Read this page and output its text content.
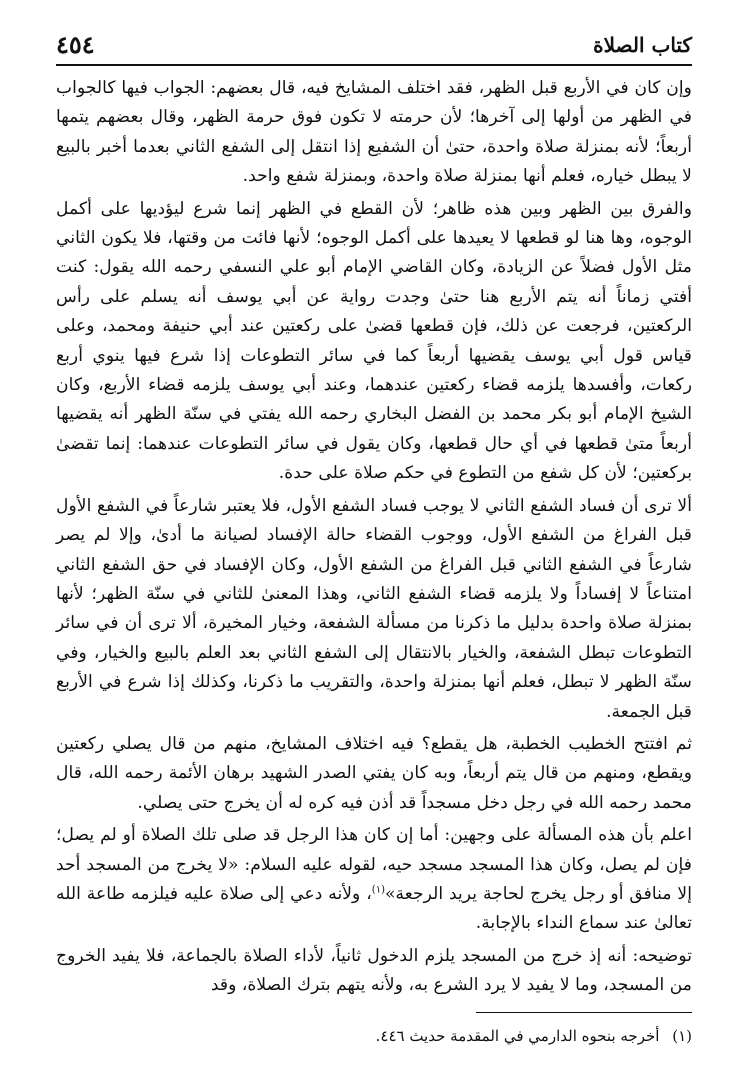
كتاب الصلاة
٤٥٤

وإن كان في الأربع قبل الظهر، فقد اختلف المشايخ فيه، قال بعضهم: الجواب فيها كالجواب في الظهر من أولها إلى آخرها؛ لأن حرمته لا تكون فوق حرمة الظهر، وقال بعضهم يتمها أربعاً؛ لأنه بمنزلة صلاة واحدة، حتىٰ أن الشفيع إذا انتقل إلى الشفع الثاني بعدما أخبر بالبيع لا يبطل خياره، فعلم أنها بمنزلة صلاة واحدة، وبمنزلة شفع واحد.

والفرق بين الظهر وبين هذه ظاهر؛ لأن القطع في الظهر إنما شرع ليؤديها على أكمل الوجوه، وها هنا لو قطعها لا يعيدها على أكمل الوجوه؛ لأنها فائت من وقتها، فلا يكون الثاني مثل الأول فضلاً عن الزيادة، وكان القاضي الإمام أبو علي النسفي رحمه الله يقول: كنت أفتي زماناً أنه يتم الأربع هنا حتىٰ وجدت رواية عن أبي يوسف أنه يسلم على رأس الركعتين، فرجعت عن ذلك، فإن قطعها قضىٰ على ركعتين عند أبي حنيفة ومحمد، وعلى قياس قول أبي يوسف يقضيها أربعاً كما في سائر التطوعات إذا شرع فيها ينوي أربع ركعات، وأفسدها يلزمه قضاء ركعتين عندهما، وعند أبي يوسف يلزمه قضاء الأربع، وكان الشيخ الإمام أبو بكر محمد بن الفضل البخاري رحمه الله يفتي في سنّة الظهر أنه يقضيها أربعاً متىٰ قطعها في أي حال قطعها، وكان يقول في سائر التطوعات عندهما: إنما تقضىٰ بركعتين؛ لأن كل شفع من التطوع في حكم صلاة على حدة.

ألا ترى أن فساد الشفع الثاني لا يوجب فساد الشفع الأول، فلا يعتبر شارعاً في الشفع الأول قبل الفراغ من الشفع الأول، ووجوب القضاء حالة الإفساد لصيانة ما أدىٰ، وإلا لم يصر شارعاً في الشفع الثاني قبل الفراغ من الشفع الأول، وكان الإفساد في حق الشفع الثاني امتناعاً لا إفساداً ولا يلزمه قضاء الشفع الثاني، وهذا المعنىٰ للثاني في سنّة الظهر؛ لأنها بمنزلة صلاة واحدة بدليل ما ذكرنا من مسألة الشفعة، وخيار المخيرة، ألا ترى أن في سائر التطوعات تبطل الشفعة، والخيار بالانتقال إلى الشفع الثاني بعد العلم بالبيع والخيار، وفي سنّة الظهر لا تبطل، فعلم أنها بمنزلة واحدة، والتقريب ما ذكرنا، وكذلك إذا شرع في الأربع قبل الجمعة.

ثم افتتح الخطيب الخطبة، هل يقطع؟ فيه اختلاف المشايخ، منهم من قال يصلي ركعتين ويقطع، ومنهم من قال يتم أربعاً، وبه كان يفتي الصدر الشهيد برهان الأئمة رحمه الله، قال محمد رحمه الله في رجل دخل مسجداً قد أذن فيه كره له أن يخرج حتى يصلي.

اعلم بأن هذه المسألة على وجهين: أما إن كان هذا الرجل قد صلى تلك الصلاة أو لم يصل؛ فإن لم يصل، وكان هذا المسجد مسجد حيه، لقوله عليه السلام: «لا يخرج من المسجد أحد إلا منافق أو رجل يخرج لحاجة يريد الرجعة»$^{(١)}$، ولأنه دعي إلى صلاة عليه فيلزمه طاعة الله تعالىٰ عند سماع النداء بالإجابة.

توضيحه: أنه إذ خرج من المسجد يلزم الدخول ثانياً، لأداء الصلاة بالجماعة، فلا يفيد الخروج من المسجد، وما لا يفيد لا يرد الشرع به، ولأنه يتهم بترك الصلاة، وقد

(١) أخرجه بنحوه الدارمي في المقدمة حديث ٤٤٦.
